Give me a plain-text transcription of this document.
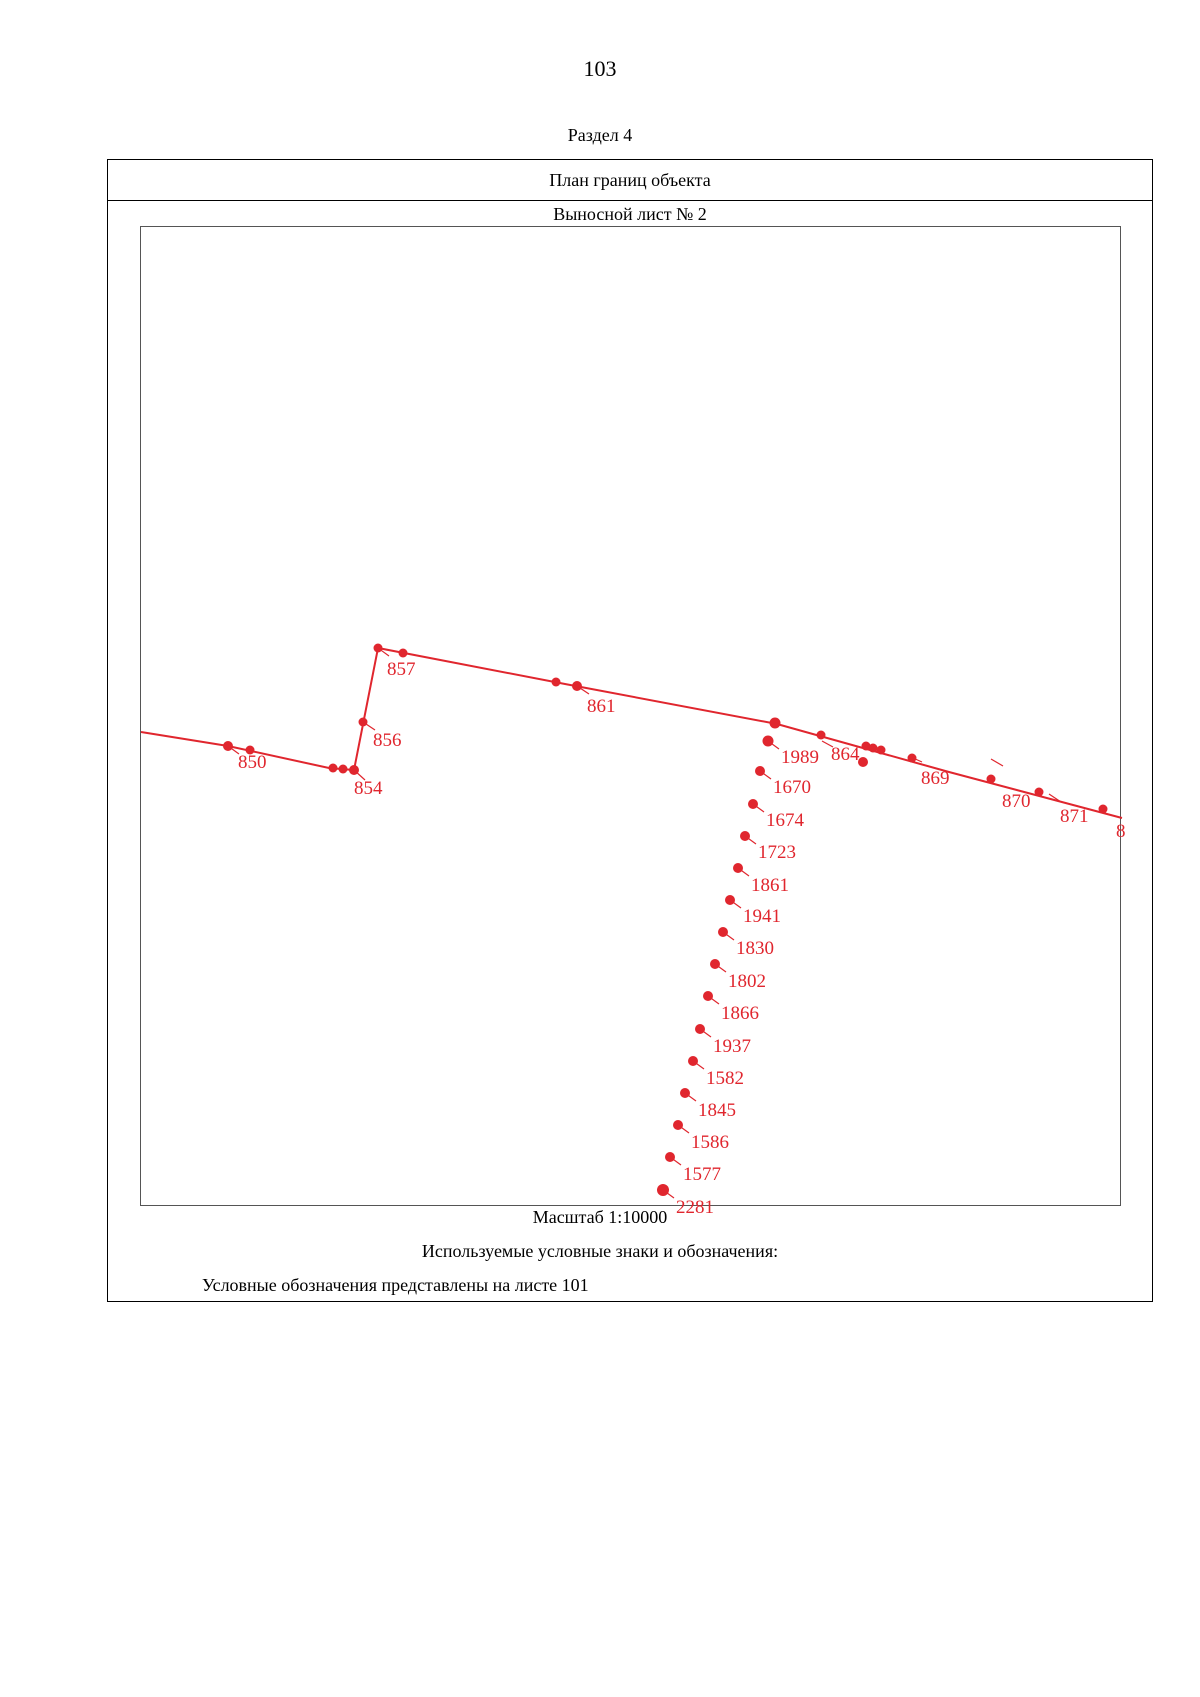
103
Раздел 4
План границ объекта
Выносной лист № 2
850
854
856
857
861
864
869
870
871
8
1989
1670
1674
1723
1861
1941
1830
1802
1866
1937
1582
1845
1586
1577
2281
Масштаб 1:10000
Используемые условные знаки и обозначения:
Условные обозначения представлены на листе 101
